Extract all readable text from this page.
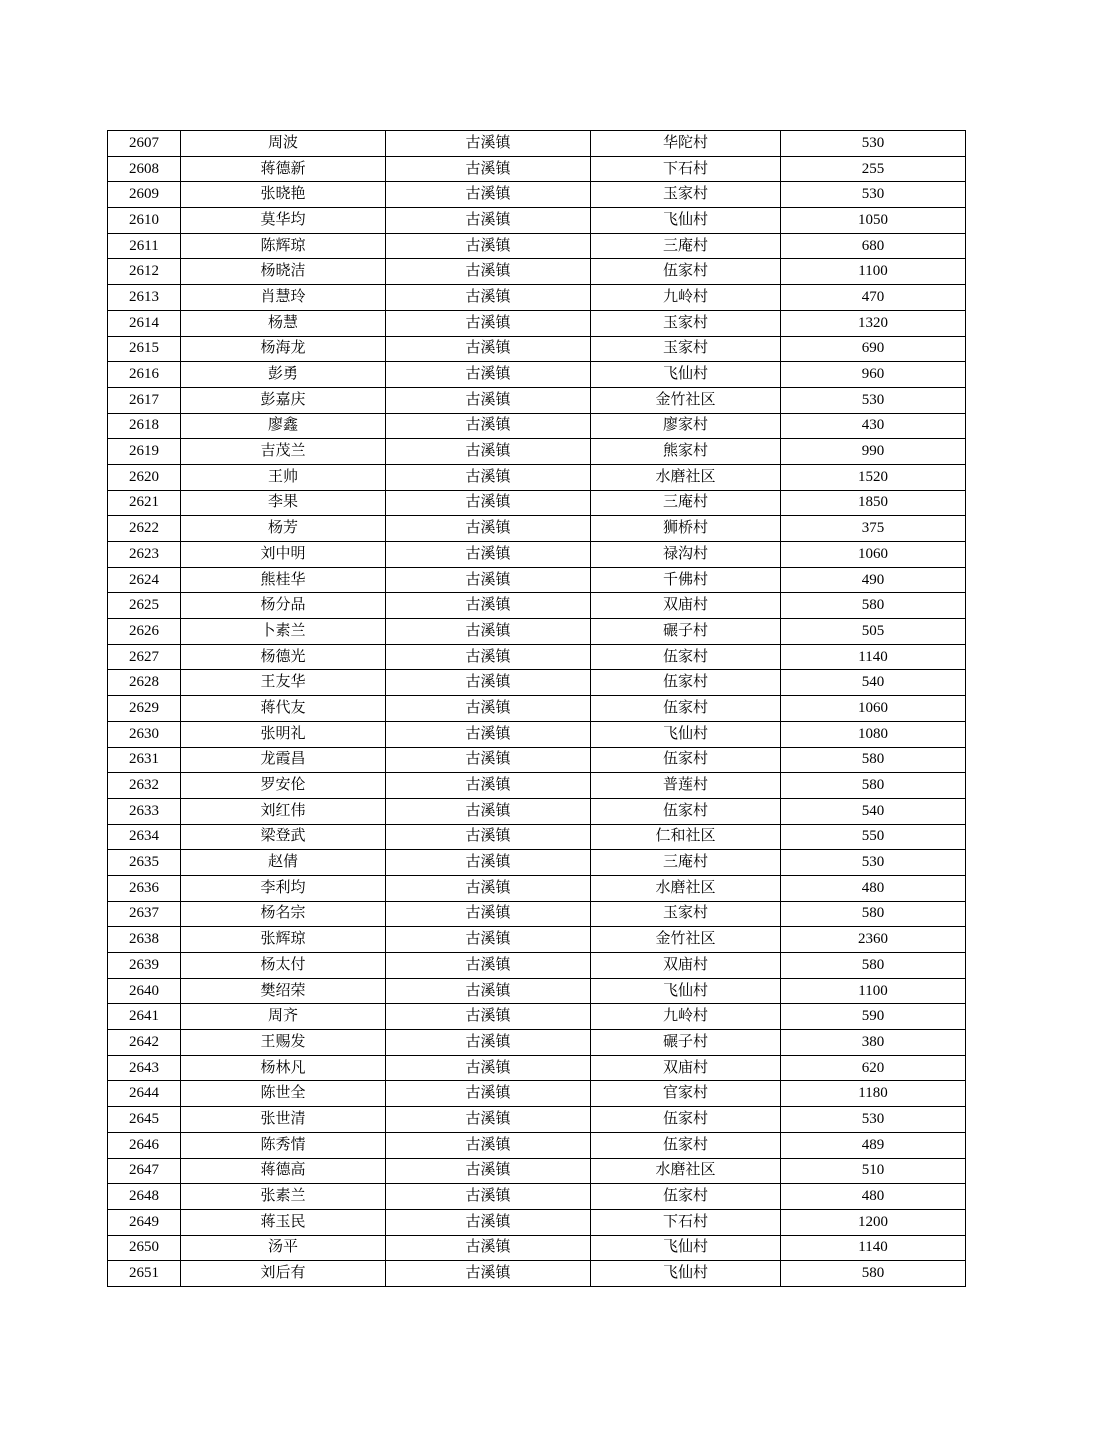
2607	周波	古溪镇	华陀村	530
2608	蒋德新	古溪镇	下石村	255
2609	张晓艳	古溪镇	玉家村	530
2610	莫华均	古溪镇	飞仙村	1050
2611	陈辉琼	古溪镇	三庵村	680
2612	杨晓洁	古溪镇	伍家村	1100
2613	肖慧玲	古溪镇	九岭村	470
2614	杨慧	古溪镇	玉家村	1320
2615	杨海龙	古溪镇	玉家村	690
2616	彭勇	古溪镇	飞仙村	960
2617	彭嘉庆	古溪镇	金竹社区	530
2618	廖鑫	古溪镇	廖家村	430
2619	吉茂兰	古溪镇	熊家村	990
2620	王帅	古溪镇	水磨社区	1520
2621	李果	古溪镇	三庵村	1850
2622	杨芳	古溪镇	狮桥村	375
2623	刘中明	古溪镇	禄沟村	1060
2624	熊桂华	古溪镇	千佛村	490
2625	杨分品	古溪镇	双庙村	580
2626	卜素兰	古溪镇	碾子村	505
2627	杨德光	古溪镇	伍家村	1140
2628	王友华	古溪镇	伍家村	540
2629	蒋代友	古溪镇	伍家村	1060
2630	张明礼	古溪镇	飞仙村	1080
2631	龙霞昌	古溪镇	伍家村	580
2632	罗安伦	古溪镇	普莲村	580
2633	刘红伟	古溪镇	伍家村	540
2634	梁登武	古溪镇	仁和社区	550
2635	赵倩	古溪镇	三庵村	530
2636	李利均	古溪镇	水磨社区	480
2637	杨名宗	古溪镇	玉家村	580
2638	张辉琼	古溪镇	金竹社区	2360
2639	杨太付	古溪镇	双庙村	580
2640	樊绍荣	古溪镇	飞仙村	1100
2641	周齐	古溪镇	九岭村	590
2642	王赐发	古溪镇	碾子村	380
2643	杨林凡	古溪镇	双庙村	620
2644	陈世全	古溪镇	官家村	1180
2645	张世清	古溪镇	伍家村	530
2646	陈秀情	古溪镇	伍家村	489
2647	蒋德高	古溪镇	水磨社区	510
2648	张素兰	古溪镇	伍家村	480
2649	蒋玉民	古溪镇	下石村	1200
2650	汤平	古溪镇	飞仙村	1140
2651	刘后有	古溪镇	飞仙村	580
